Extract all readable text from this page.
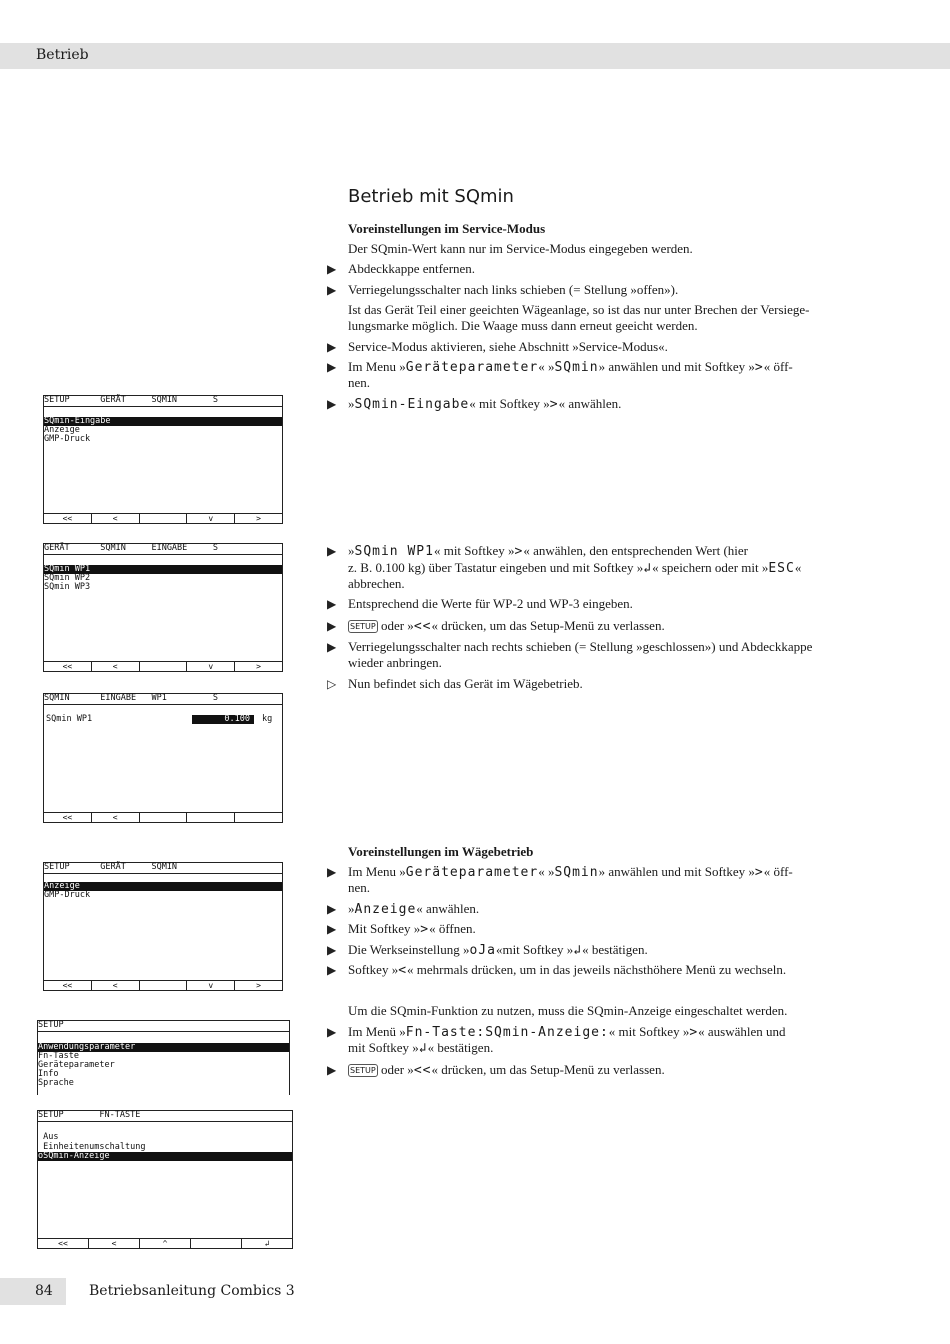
Betrieb
Betrieb mit SQmin
Voreinstellungen im Service-Modus
Der SQmin-Wert kann nur im Service-Modus eingegeben werden.
▶ Abdeckkappe entfernen.
▶ Verriegelungsschalter nach links schieben (= Stellung »offen»).
Ist das Gerät Teil einer geeichten Wägeanlage, so ist das nur unter Brechen der Versiege-
lungsmarke möglich. Die Waage muss dann erneut geeicht werden.
▶ Service-Modus aktivieren, siehe Abschnitt »Service-Modus«.
▶ Im Menu »Geräteparameter« »SQmin» anwählen und mit Softkey »>« öff-
nen.
▶ »SQmin-Eingabe« mit Softkey »>« anwählen.
▶ »SQmin WP1« mit Softkey »>« anwählen, den entsprechenden Wert (hier
z. B. 0.100 kg) über Tastatur eingeben und mit Softkey »↲« speichern oder mit »ESC«
abbrechen.
▶ Entsprechend die Werte für WP-2 und WP-3 eingeben.
▶ SETUP oder »<<« drücken, um das Setup-Menü zu verlassen.
▶ Verriegelungsschalter nach rechts schieben (= Stellung »geschlossen») und Abdeckkappe
wieder anbringen.
▷ Nun befindet sich das Gerät im Wägebetrieb.
Voreinstellungen im Wägebetrieb
▶ Im Menu »Geräteparameter« »SQmin» anwählen und mit Softkey »>« öff-
nen.
▶ »Anzeige« anwählen.
▶ Mit Softkey »>« öffnen.
▶ Die Werkseinstellung »oJa«mit Softkey »↲« bestätigen.
▶ Softkey »<« mehrmals drücken, um in das jeweils nächsthöhere Menü zu wechseln.
Um die SQmin-Funktion zu nutzen, muss die SQmin-Anzeige eingeschaltet werden.
▶ Im Menü »Fn-Taste:SQmin-Anzeige:« mit Softkey »>« auswählen und
mit Softkey »↲« bestätigen.
▶ SETUP oder »<<« drücken, um das Setup-Menü zu verlassen.
SETUP      GERÄT     SQMIN       S
SQmin-Eingabe
Anzeige
GMP-Druck
<<	<	v	>
GERÄT      SQMIN     EINGABE     S
SQmin WP1
SQmin WP2
SQmin WP3
<<	<	v	>
SQMIN      EINGABE   WP1         S
SQmin WP1	0.100	kg
<<	<
SETUP      GERÄT     SQMIN
Anzeige
GMP-Druck
<<	<	v	>
SETUP
Anwendungsparameter
Fn-Taste
Geräteparameter
Info
Sprache
SETUP       FN-TASTE
Aus
Einheitenumschaltung
oSQmin-Anzeige
<<	<	^	↲
84	Betriebsanleitung Combics 3
